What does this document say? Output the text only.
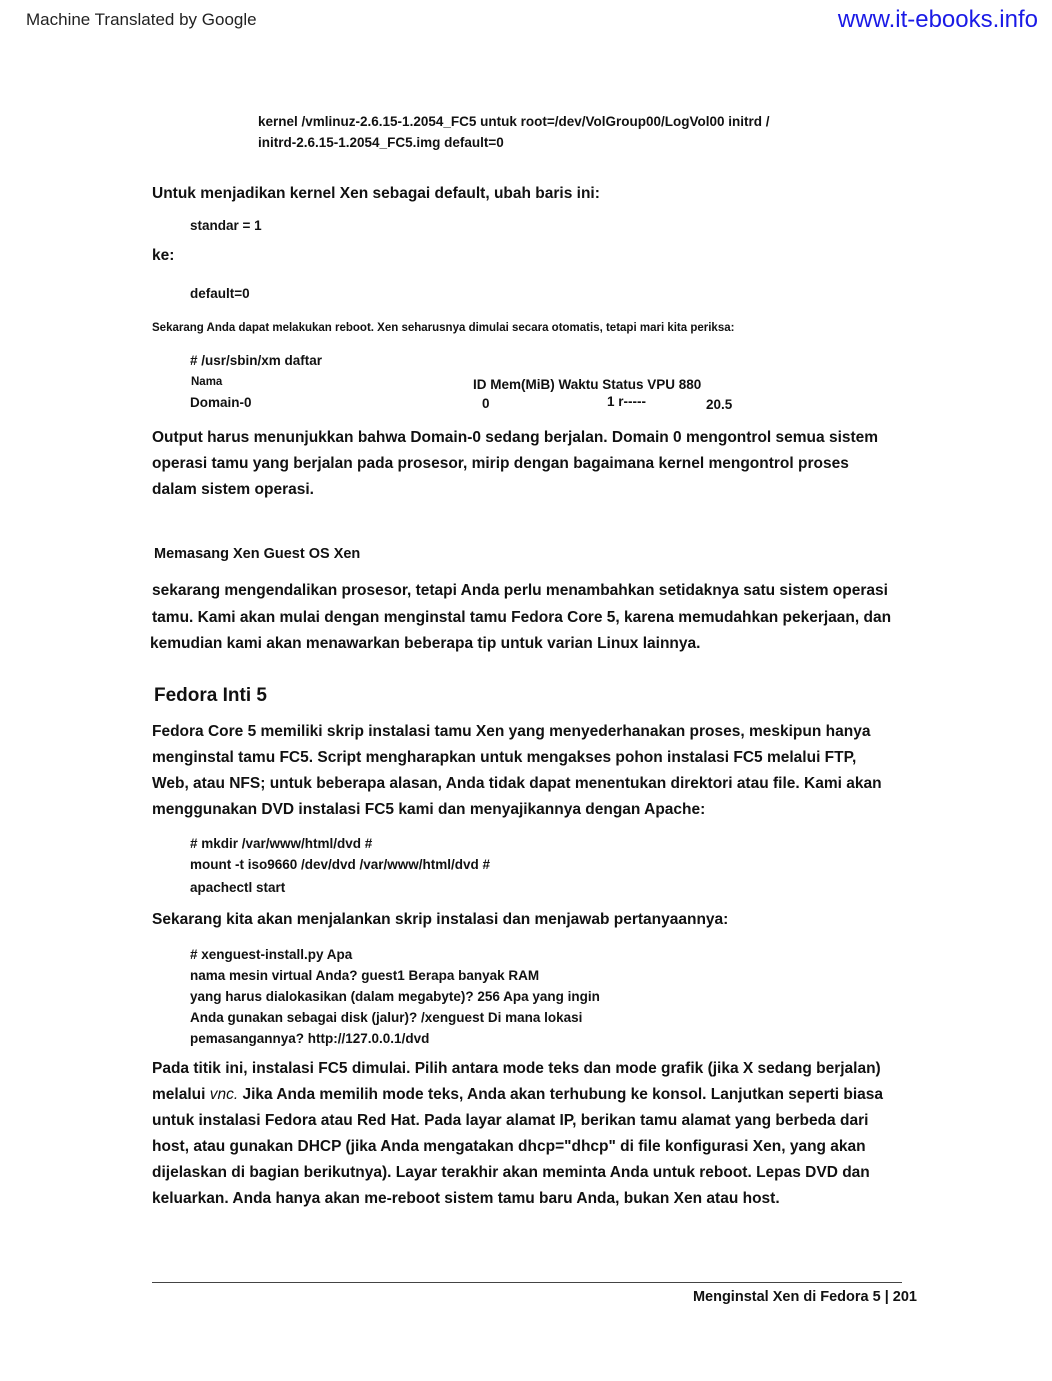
Machine Translated by Google	www.it-ebooks.info
kernel /vmlinuz-2.6.15-1.2054_FC5 untuk root=/dev/VolGroup00/LogVol00 initrd /
initrd-2.6.15-1.2054_FC5.img default=0
Untuk menjadikan kernel Xen sebagai default, ubah baris ini:
standar = 1
ke:
default=0
Sekarang Anda dapat melakukan reboot. Xen seharusnya dimulai secara otomatis, tetapi mari kita periksa:
# /usr/sbin/xm daftar
Nama	ID Mem(MiB) Waktu Status VPU 880
Domain-0	0	1 r-----	20.5
Output harus menunjukkan bahwa Domain-0 sedang berjalan. Domain 0 mengontrol semua sistem
operasi tamu yang berjalan pada prosesor, mirip dengan bagaimana kernel mengontrol proses
dalam sistem operasi.
Memasang Xen Guest OS Xen
sekarang mengendalikan prosesor, tetapi Anda perlu menambahkan setidaknya satu sistem operasi
tamu. Kami akan mulai dengan menginstal tamu Fedora Core 5, karena memudahkan pekerjaan, dan
kemudian kami akan menawarkan beberapa tip untuk varian Linux lainnya.
Fedora Inti 5
Fedora Core 5 memiliki skrip instalasi tamu Xen yang menyederhanakan proses, meskipun hanya
menginstal tamu FC5. Script mengharapkan untuk mengakses pohon instalasi FC5 melalui FTP,
Web, atau NFS; untuk beberapa alasan, Anda tidak dapat menentukan direktori atau file. Kami akan
menggunakan DVD instalasi FC5 kami dan menyajikannya dengan Apache:
# mkdir /var/www/html/dvd #
mount -t iso9660 /dev/dvd /var/www/html/dvd #
apachectl start
Sekarang kita akan menjalankan skrip instalasi dan menjawab pertanyaannya:
# xenguest-install.py Apa
nama mesin virtual Anda? guest1 Berapa banyak RAM
yang harus dialokasikan (dalam megabyte)? 256 Apa yang ingin
Anda gunakan sebagai disk (jalur)? /xenguest Di mana lokasi
pemasangannya? http://127.0.0.1/dvd
Pada titik ini, instalasi FC5 dimulai. Pilih antara mode teks dan mode grafik (jika X sedang berjalan)
melalui vnc. Jika Anda memilih mode teks, Anda akan terhubung ke konsol. Lanjutkan seperti biasa
untuk instalasi Fedora atau Red Hat. Pada layar alamat IP, berikan tamu alamat yang berbeda dari
host, atau gunakan DHCP (jika Anda mengatakan dhcp="dhcp" di file konfigurasi Xen, yang akan
dijelaskan di bagian berikutnya). Layar terakhir akan meminta Anda untuk reboot. Lepas DVD dan
keluarkan. Anda hanya akan me-reboot sistem tamu baru Anda, bukan Xen atau host.
Menginstal Xen di Fedora 5 | 201
